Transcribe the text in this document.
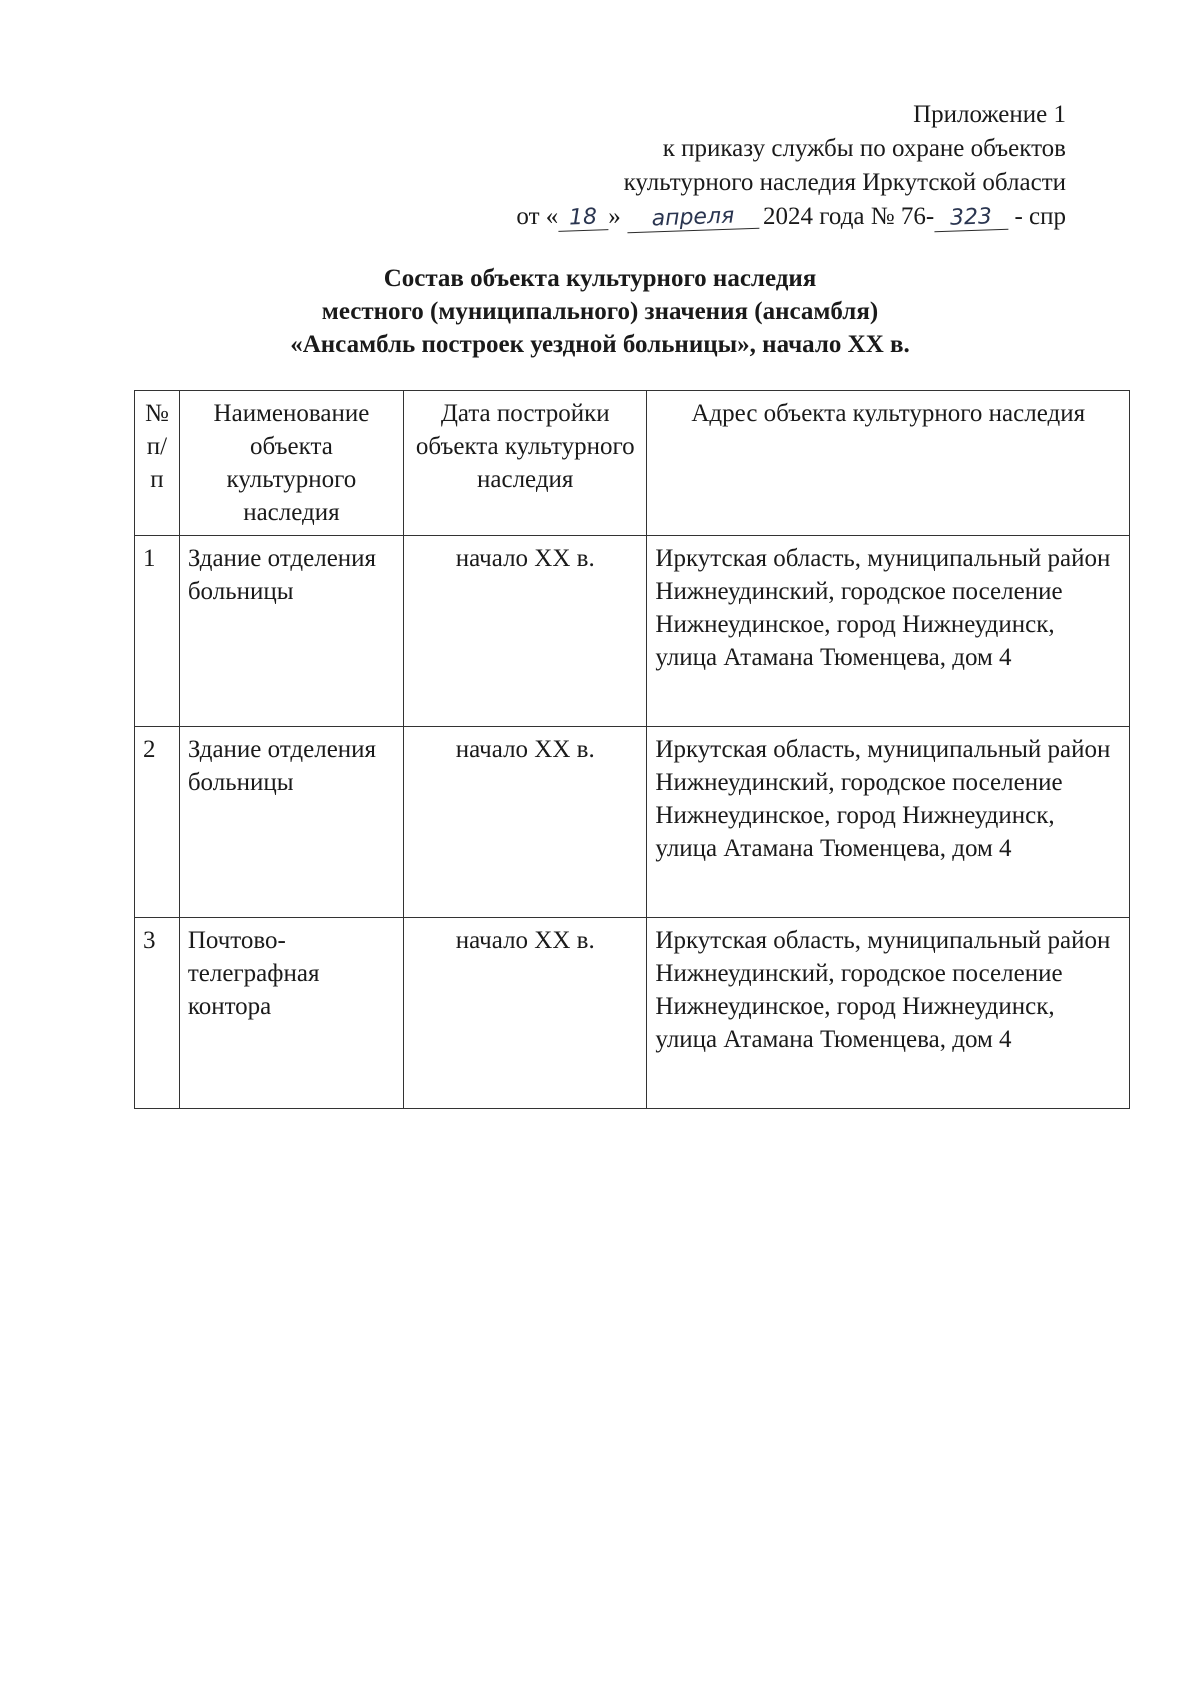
Приложение 1
к приказу службы по охране объектов
культурного наследия Иркутской области
от « 18 » апреля 2024 года № 76- 323 - спр
Состав объекта культурного наследия
местного (муниципального) значения (ансамбля)
«Ансамбль построек уездной больницы», начало XX в.
№ п/п	Наименование объекта культурного наследия	Дата постройки объекта культурного наследия	Адрес объекта культурного наследия
1	Здание отделения больницы	начало XX в.	Иркутская область, муниципальный район Нижнеудинский, городское поселение Нижнеудинское, город Нижнеудинск, улица Атамана Тюменцева, дом 4
2	Здание отделения больницы	начало XX в.	Иркутская область, муниципальный район Нижнеудинский, городское поселение Нижнеудинское, город Нижнеудинск, улица Атамана Тюменцева, дом 4
3	Почтово-телеграфная контора	начало XX в.	Иркутская область, муниципальный район Нижнеудинский, городское поселение Нижнеудинское, город Нижнеудинск, улица Атамана Тюменцева, дом 4
